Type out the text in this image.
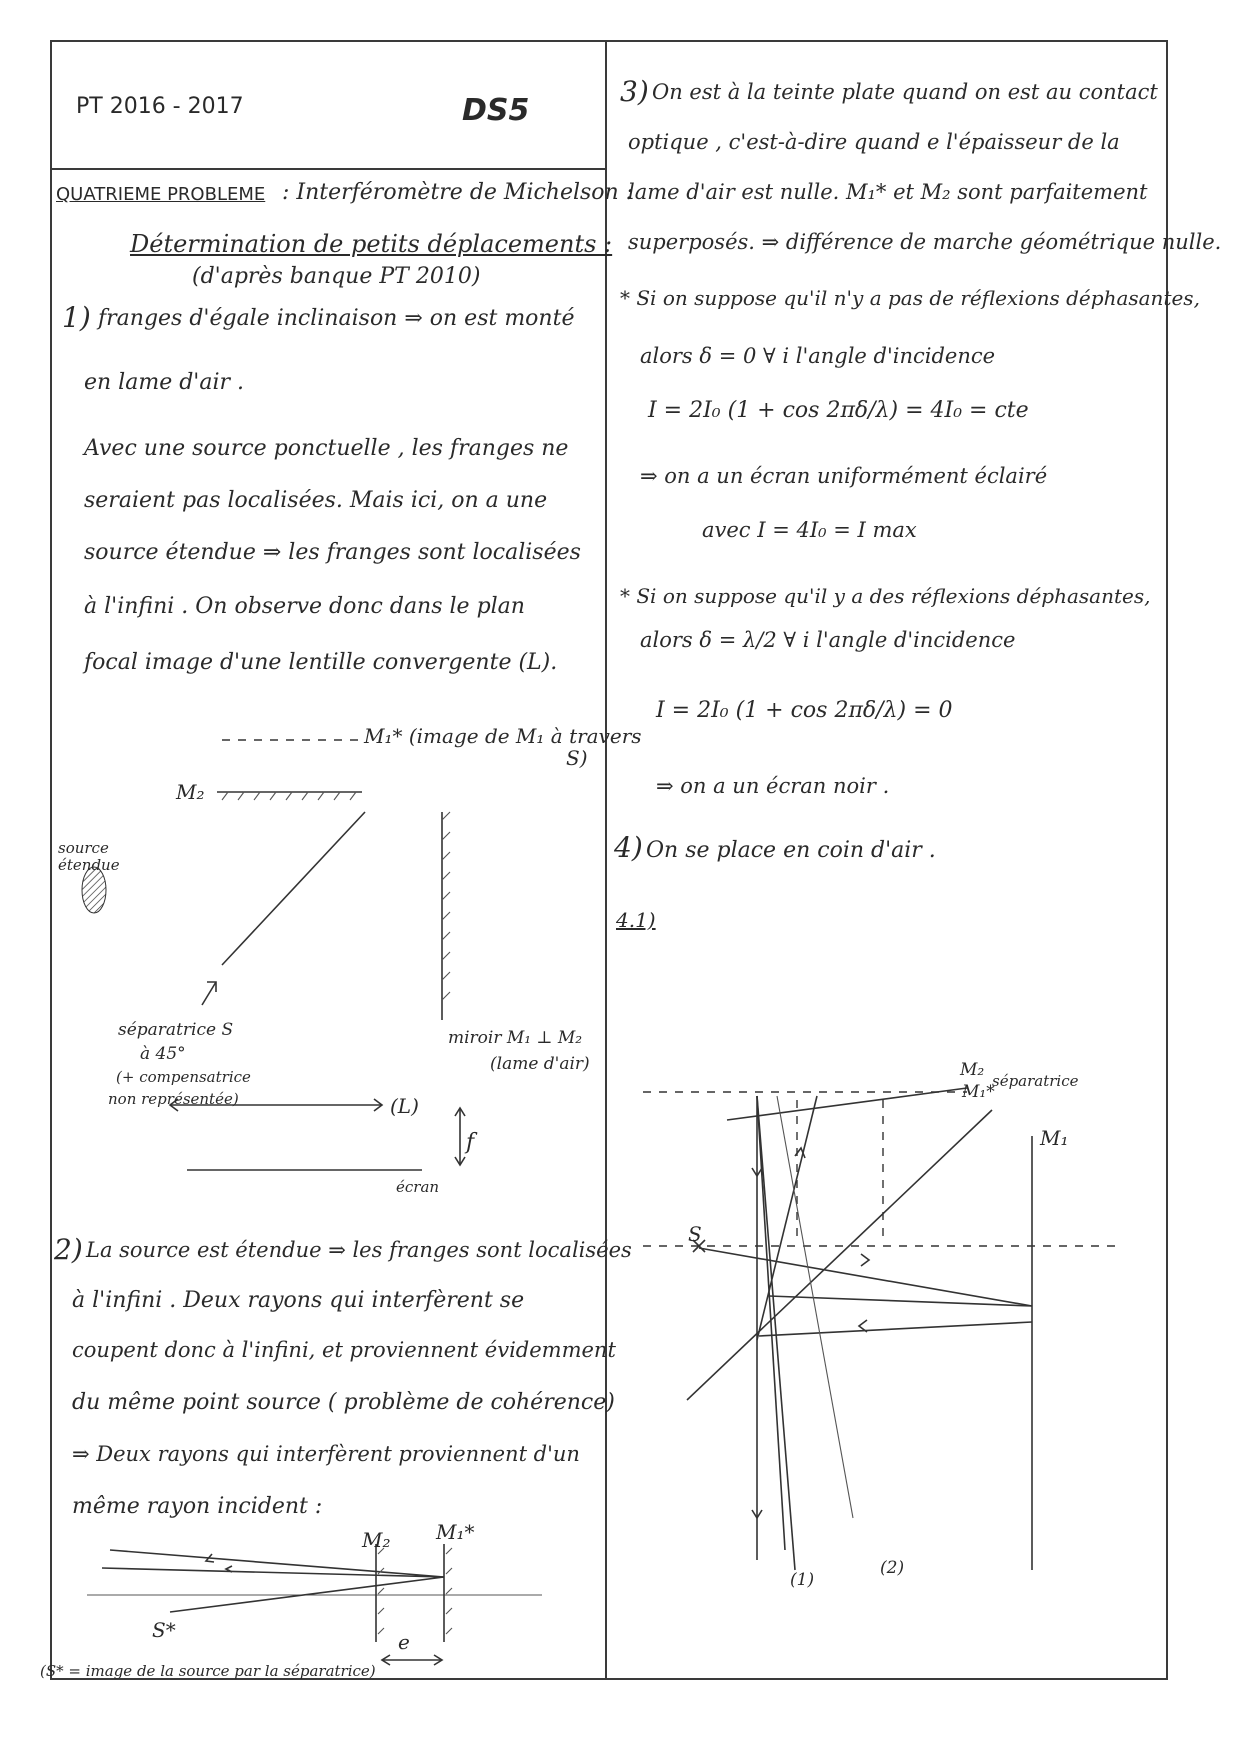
PT 2016 - 2017	DS5
QUATRIEME PROBLEME : Interféromètre de Michelson :
Détermination de petits déplacements :
(d'après banque PT 2010)
1) franges d'égale inclinaison ⇒ on est monté
en lame d'air .
Avec une source ponctuelle , les franges ne
seraient pas localisées. Mais ici, on a une
source étendue ⇒ les franges sont localisées
à l'infini . On observe donc dans le plan
focal image d'une lentille convergente (L).
M₁* (image de M₁ à travers
S)
M₂
source étendue
séparatrice S
à 45°
(+ compensatrice
non représentée)	(L)
f
écran
miroir M₁ ⊥ M₂
(lame d'air)
2) La source est étendue ⇒ les franges sont localisées
à l'infini . Deux rayons qui interfèrent se
coupent donc à l'infini, et proviennent évidemment
du même point source ( problème de cohérence)
⇒ Deux rayons qui interfèrent proviennent d'un
même rayon incident :
M₂ M₁*
S*	e
(S* = image de la source par la séparatrice)
3) On est à la teinte plate quand on est au contact
optique , c'est-à-dire quand e l'épaisseur de la
lame d'air est nulle. M₁* et M₂ sont parfaitement
superposés. ⇒ différence de marche géométrique nulle.
* Si on suppose qu'il n'y a pas de réflexions déphasantes,
alors δ = 0 ∀ i l'angle d'incidence
I = 2I₀ (1 + cos 2πδ/λ) = 4I₀ = cte
⇒ on a un écran uniformément éclairé
avec I = 4I₀ = I max
* Si on suppose qu'il y a des réflexions déphasantes,
alors δ = λ/2 ∀ i l'angle d'incidence
I = 2I₀ (1 + cos 2πδ/λ) = 0
⇒ on a un écran noir .
4) On se place en coin d'air .
4.1)
M₂
M₁*
séparatrice
M₁
S
(1)
(2)
